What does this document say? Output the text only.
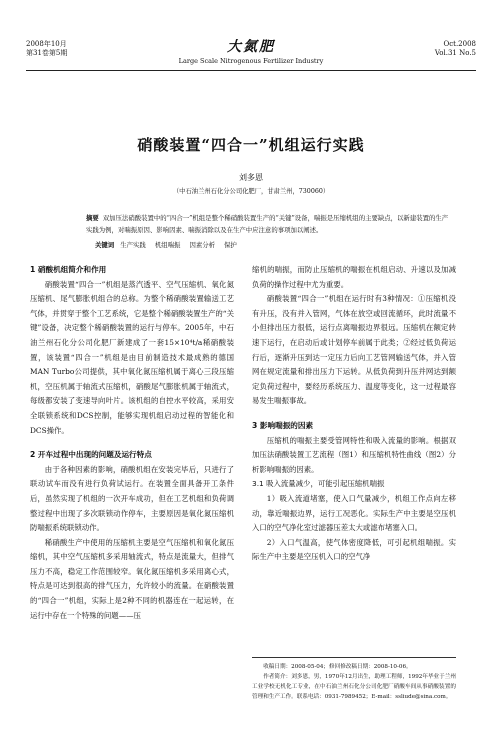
2008年10月
第31卷第5期	大氮肥
Large Scale Nitrogenous Fertilizer Industry
Oct.2008
Vol.31 No.5
硝酸装置“四合一”机组运行实践
刘多恩
（中石油兰州石化分公司化肥厂，甘肃兰州，730060）
摘要 双加压法硝酸装置中的“四合一”机组是整个稀硝酸装置生产的“关键”设备，喘振是压缩机组的主要缺点，以新建装置的生产实践为例，对喘振原因、影响因素、喘振消除以及在生产中应注意的事项加以阐述。
关键词 生产实践 机组喘振 因素分析 保护
1 硝酸机组简介和作用

硝酸装置“四合一”机组是蒸汽透平、空气压缩机、氧化氮压缩机、尾气膨胀机组合的总称。为整个稀硝酸装置输送工艺气体，并贯穿于整个工艺系统，它是整个稀硝酸装置生产的“关键”设备，决定整个稀硝酸装置的运行与停车。2005年，中石油兰州石化分公司化肥厂新建成了一套15×10⁴t/a稀硝酸装置，该装置“四合一”机组是由目前制造技术最成熟的德国MAN Turbo公司提供，其中氧化氮压缩机属于离心三段压缩机，空压机属于轴流式压缩机，硝酸尾气膨胀机属于轴流式，每级都安装了变速导向叶片。该机组的自控水平较高，采用安全联锁系统和DCS控制，能够实现机组启动过程的智能化和DCS操作。

2 开车过程中出现的问题及运行特点

由于各种因素的影响，硝酸机组在安装完毕后，只进行了联动试车而没有进行负荷试运行。在装置全面具备开工条件后，虽然实现了机组的一次开车成功，但在工艺机组和负荷调整过程中出现了多次联锁动作停车，主要原因是氧化氮压缩机防喘振系统联锁动作。

稀硝酸生产中使用的压缩机主要是空气压缩机和氧化氮压缩机，其中空气压缩机多采用轴流式，特点是流量大，但排气压力不高，稳定工作范围较窄。氧化氮压缩机多采用离心式，特点是可达到很高的排气压力，允许较小的流量。在硝酸装置的“四合一”机组，实际上是2种不同的机器连在一起运转，在运行中存在一个特殊的问题——压

缩机的喘振，而防止压缩机的喘振在机组启动、升速以及加减负荷的操作过程中尤为重要。

硝酸装置“四合一”机组在运行时有3种情况：①压缩机没有升压，没有并入管网，气体在放空或回流循环，此时流量不小但排出压力很低，运行点离喘振边界很远。压缩机在额定转速下运行，在启动后或计划停车前属于此类；②经过低负荷运行后，逐渐升压到达一定压力后向工艺管网输送气体，并入管网在规定流量和排出压力下运转。从低负荷到升压并网达到额定负荷过程中，要经历系统压力、温度等变化，这一过程最容易发生喘振事故。

3 影响喘振的因素

压缩机的喘振主要受管网特性和吸入流量的影响。根据双加压法硝酸装置工艺流程（图1）和压缩机特性曲线（图2）分析影响喘振的因素。

3.1 吸入流量减少，可能引起压缩机喘振

1）吸入流道堵塞，使入口气量减少，机组工作点向左移动，靠近喘振边界，运行工况恶化。实际生产中主要是空压机入口的空气净化室过滤器压差太大或滤布堵塞入口。

2）入口气温高，使气体密度降低，可引起机组喘振。实际生产中主要是空压机入口的空气净

收稿日期：2008-05-04；修回修改稿日期：2008-10-06。

作者简介：刘多恩，男，1970年12月出生，助理工程师，1992年毕业于兰州工业学校无机化工专业，在中石油兰州石化分公司化肥厂硝酸车间从事硝酸装置的管理和生产工作。联系电话：0931-7989452；E-mail：ssliude@sina.com。
